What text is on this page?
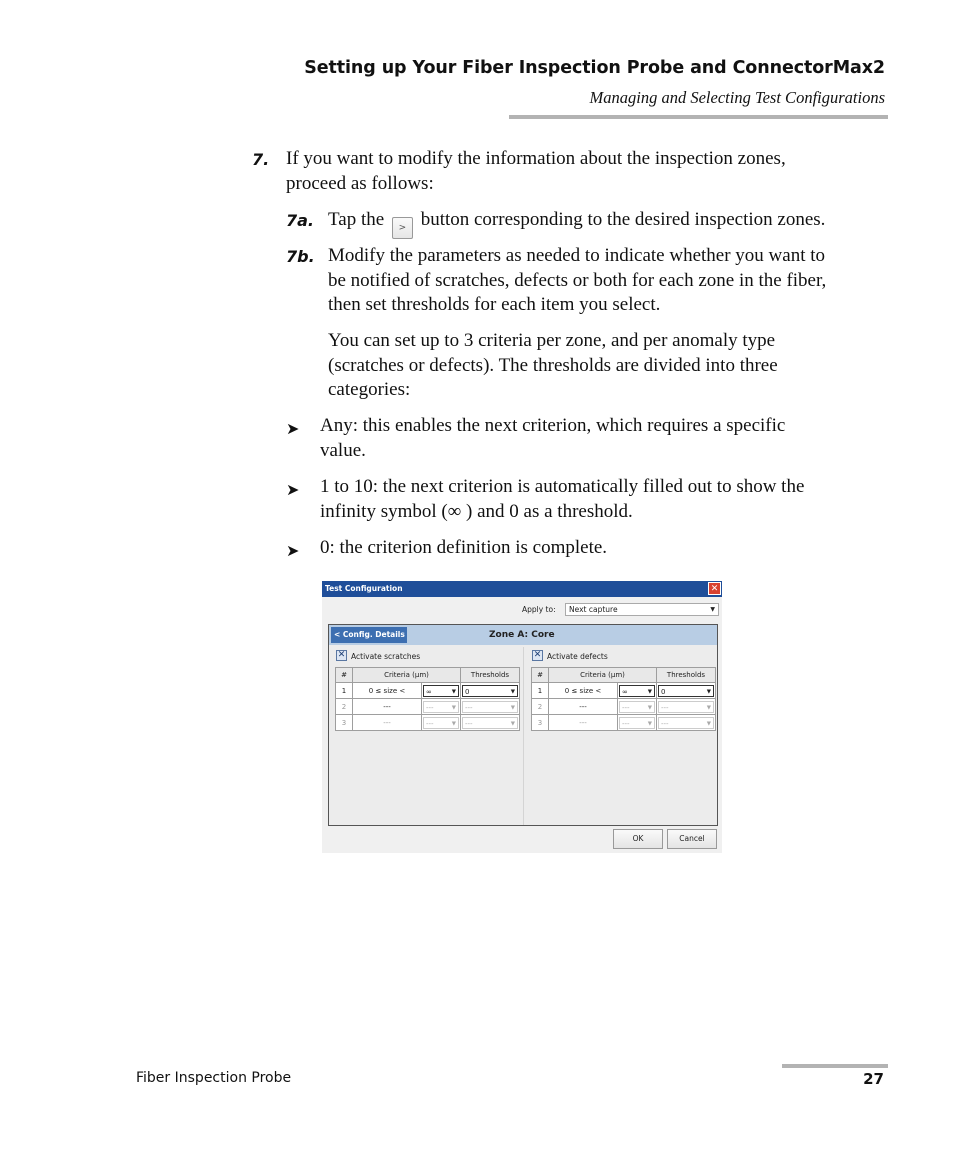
Setting up Your Fiber Inspection Probe and ConnectorMax2
Managing and Selecting Test Configurations
7. If you want to modify the information about the inspection zones,
proceed as follows:
7a. Tap the > button corresponding to the desired inspection zones.
7b. Modify the parameters as needed to indicate whether you want to
be notified of scratches, defects or both for each zone in the fiber,
then set thresholds for each item you select.
You can set up to 3 criteria per zone, and per anomaly type
(scratches or defects). The thresholds are divided into three
categories:
➤ Any: this enables the next criterion, which requires a specific
value.
➤ 1 to 10: the next criterion is automatically filled out to show the
infinity symbol (∞ ) and 0 as a threshold.
➤ 0: the criterion definition is complete.
Test Configuration	✕
Apply to:	Next capture	▼
< Config. Details	Zone A: Core
✕ Activate scratches
#	Criteria (µm)		Thresholds
1	0 ≤ size <	∞ ▼	0 ▼

2	---	--- ▼	--- ▼

3	---	--- ▼	--- ▼
✕ Activate defects
#	Criteria (µm)		Thresholds
1	0 ≤ size <	∞ ▼	0 ▼

2	---	--- ▼	--- ▼

3	---	--- ▼	--- ▼
OK	Cancel
Fiber Inspection Probe	27
